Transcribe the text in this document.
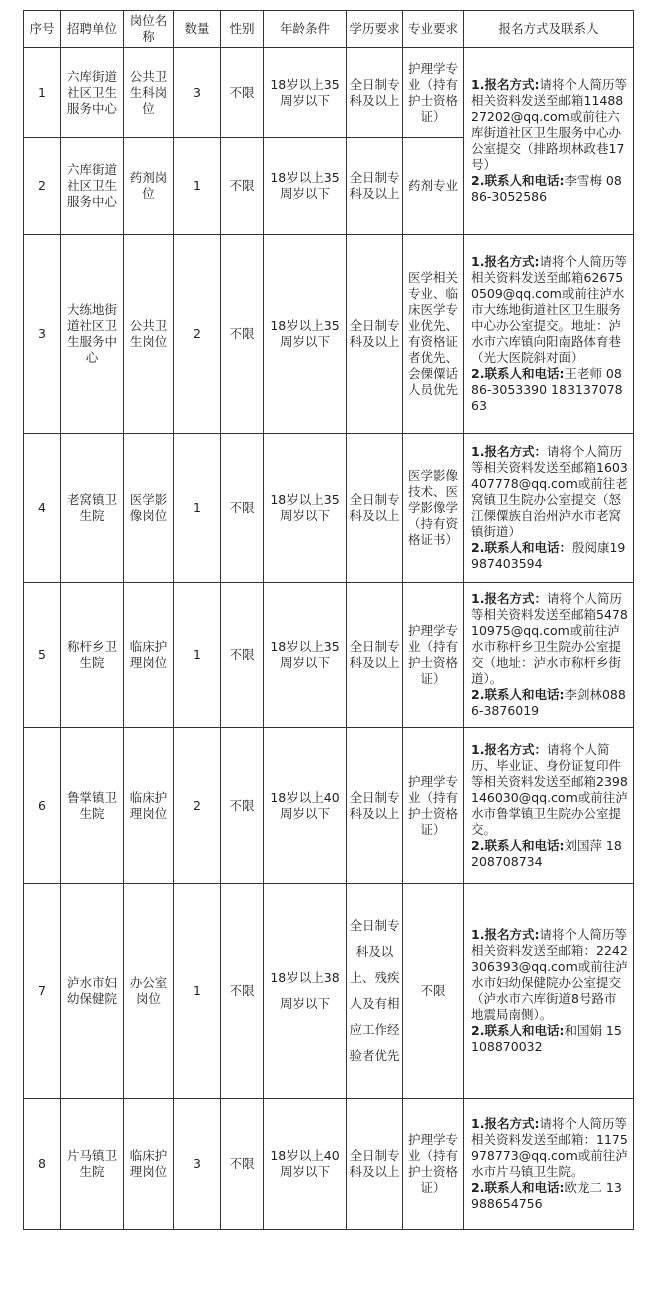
序号	招聘单位	岗位名称	数量	性别	年龄条件	学历要求	专业要求	报名方式及联系人
1	六库街道社区卫生服务中心	公共卫生科岗位	3	不限	18岁以上35周岁以下	全日制专科及以上	护理学专业（持有护士资格证）	1.报名方式:请将个人简历等相关资料发送至邮箱1148827202@qq.com或前往六库街道社区卫生服务中心办公室提交（排路坝林政巷17号）
2.联系人和电话:李雪梅 0886-3052586

2	六库街道社区卫生服务中心	药剂岗位	1	不限	18岁以上35周岁以下	全日制专科及以上	药剂专业	
3	大练地街道社区卫生服务中心	公共卫生岗位	2	不限	18岁以上35周岁以下	全日制专科及以上	医学相关专业、临床医学专业优先、有资格证者优先、会傈僳话人员优先	1.报名方式:请将个人简历等相关资料发送至邮箱626750509@qq.com或前往泸水市大练地街道社区卫生服务中心办公室提交。地址：泸水市六库镇向阳南路体育巷（光大医院斜对面）
2.联系人和电话:王老师 0886-3053390 18313707863

4	老窝镇卫生院	医学影像岗位	1	不限	18岁以上35周岁以下	全日制专科及以上	医学影像技术、医学影像学（持有资格证书）	1.报名方式：请将个人简历等相关资料发送至邮箱1603407778@qq.com或前往老窝镇卫生院办公室提交（怒江傈僳族自治州泸水市老窝镇街道）
2.联系人和电话：殷阅康19987403594

5	称杆乡卫生院	临床护理岗位	1	不限	18岁以上35周岁以下	全日制专科及以上	护理学专业（持有护士资格证）	1.报名方式：请将个人简历等相关资料发送至邮箱547810975@qq.com或前往泸水市称杆乡卫生院办公室提交（地址：泸水市称杆乡街道）。
2.联系人和电话:李剑林0886-3876019

6	鲁掌镇卫生院	临床护理岗位	2	不限	18岁以上40周岁以下	全日制专科及以上	护理学专业（持有护士资格证）	1.报名方式：请将个人简历、毕业证、身份证复印件等相关资料发送至邮箱2398146030@qq.com或前往泸水市鲁掌镇卫生院办公室提交。
2.联系人和电话:刘国萍 18208708734

7	泸水市妇幼保健院	办公室岗位	1	不限	18岁以上38周岁以下	全日制专科及以上、残疾人及有相应工作经验者优先	不限	1.报名方式:请将个人简历等相关资料发送至邮箱：2242306393@qq.com或前往泸水市妇幼保健院办公室提交（泸水市六库街道8号路市地震局南侧）。
2.联系人和电话:和国娟 15108870032

8	片马镇卫生院	临床护理岗位	3	不限	18岁以上40周岁以下	全日制专科及以上	护理学专业（持有护士资格证）	1.报名方式:请将个人简历等相关资料发送至邮箱：1175978773@qq.com或前往泸水市片马镇卫生院。
2.联系人和电话:欧龙二 13988654756
